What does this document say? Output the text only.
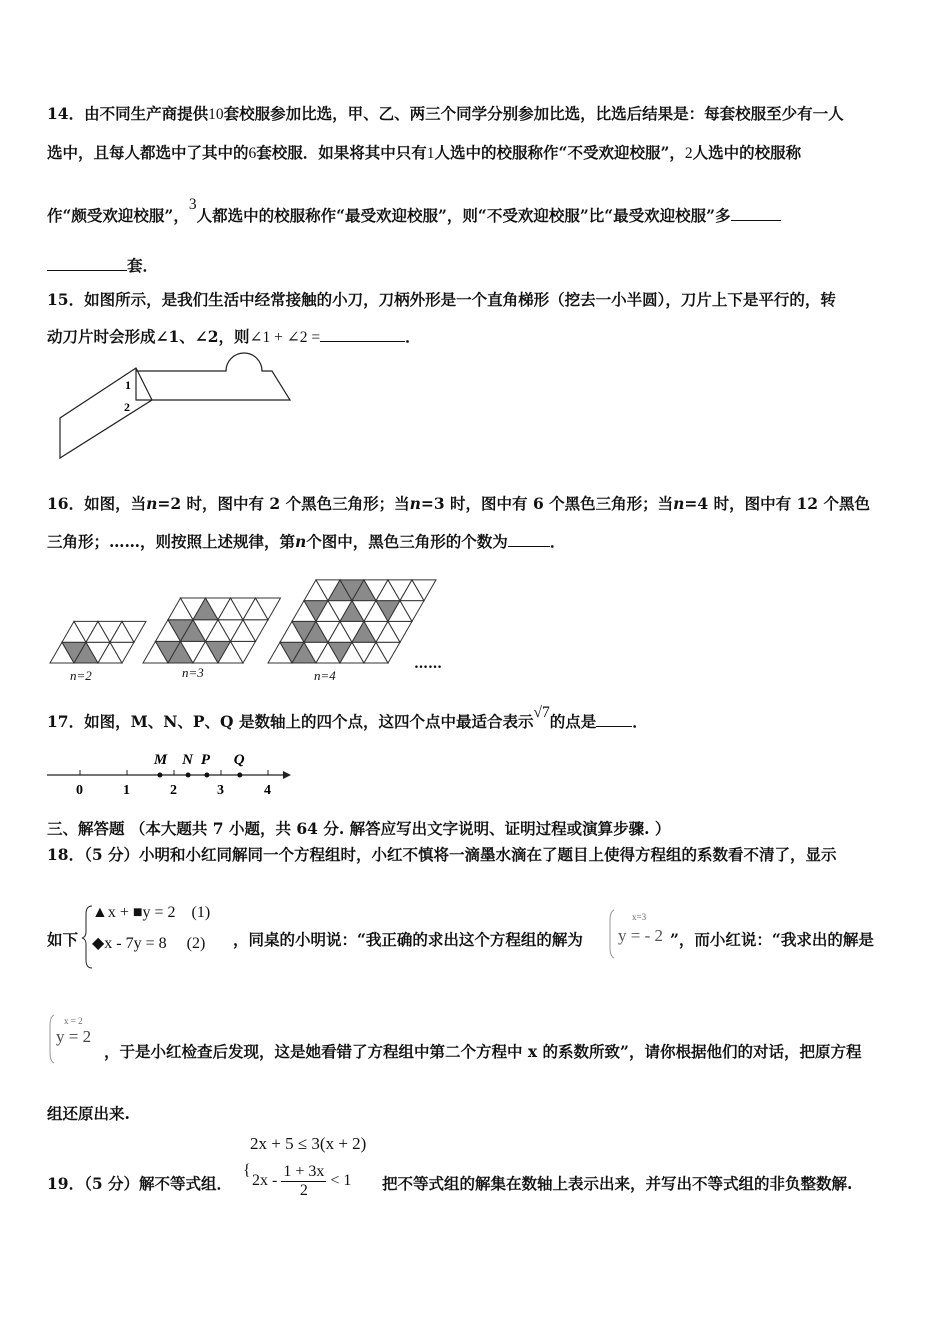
14．由不同生产商提供10套校服参加比选，甲、乙、两三个同学分别参加比选，比选后结果是：每套校服至少有一人
选中，且每人都选中了其中的6套校服．如果将其中只有1人选中的校服称作“不受欢迎校服”，2人选中的校服称
作“颇受欢迎校服”，3人都选中的校服称作“最受欢迎校服”，则“不受欢迎校服”比“最受欢迎校服”多
套．
15．如图所示，是我们生活中经常接触的小刀，刀柄外形是一个直角梯形（挖去一小半圆），刀片上下是平行的，转
动刀片时会形成∠1、∠2，则∠1 + ∠2 =	．
1
2
16．如图，当n=2 时，图中有 2 个黑色三角形；当n=3 时，图中有 6 个黑色三角形；当n=4 时，图中有 12 个黑色
三角形；……，则按照上述规律，第n个图中，黑色三角形的个数为	．
n=2	n=3	n=4
……
17．如图，M、N、P、Q 是数轴上的四个点，这四个点中最适合表示√7的点是 ．
0	1	2	3	4
M N P Q
三、解答题 （本大题共 7 小题，共 64 分. 解答应写出文字说明、证明过程或演算步骤. ）
18．（5 分）小明和小红同解同一个方程组时，小红不慎将一滴墨水滴在了题目上使得方程组的系数看不清了，显示
如下
▲x + ■y = 2 (1)
◆x - 7y = 8 (2) ，同桌的小明说：“我正确的求出这个方程组的解为
x=3
y = - 2 ”，而小红说：“我求出的解是
x = 2
y = 2
，于是小红检查后发现，这是她看错了方程组中第二个方程中 x 的系数所致”，请你根据他们的对话，把原方程
组还原出来.
2x + 5 ≤ 3(x + 2)
19．（5 分）解不等式组．
{
$2x - \frac{1 + 3x}{2} < 1$ 把不等式组的解集在数轴上表示出来，并写出不等式组的非负整数解.
